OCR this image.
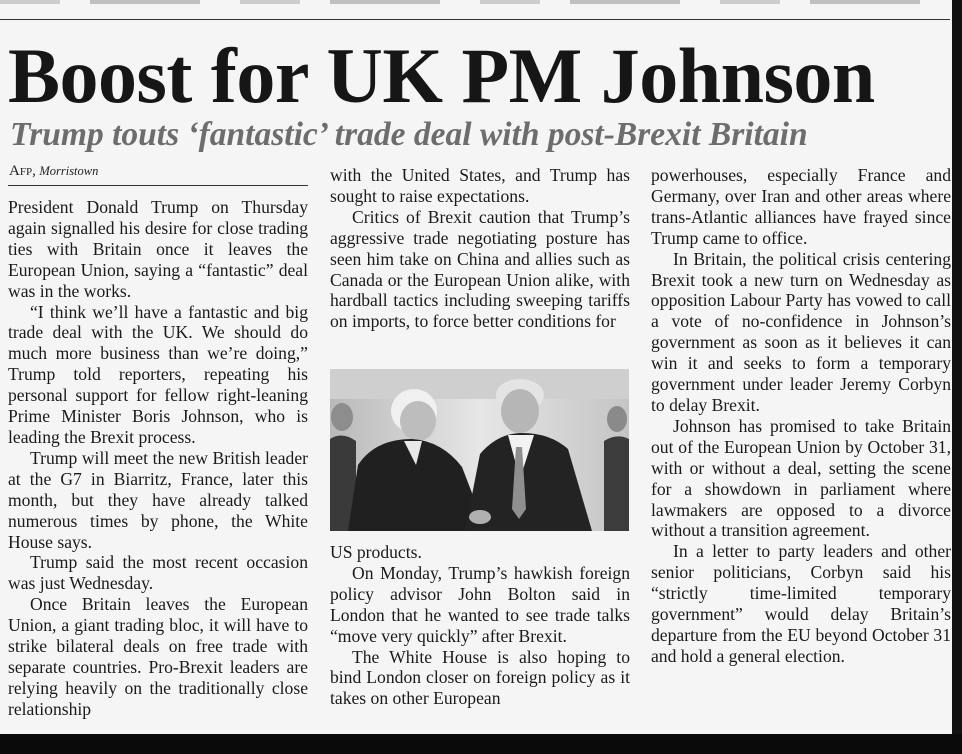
Boost for UK PM Johnson
Trump touts ‘fantastic’ trade deal with post-Brexit Britain
Afp, Morristown

President Donald Trump on Thursday again signalled his desire for close trading ties with Britain once it leaves the European Union, saying a “fantastic” deal was in the works.

“I think we’ll have a fantastic and big trade deal with the UK. We should do much more business than we’re doing,” Trump told reporters, repeating his personal support for fellow right-leaning Prime Minister Boris Johnson, who is leading the Brexit process.

Trump will meet the new British leader at the G7 in Biarritz, France, later this month, but they have already talked numerous times by phone, the White House says.

Trump said the most recent occasion was just Wednesday.

Once Britain leaves the European Union, a giant trading bloc, it will have to strike bilateral deals on free trade with separate countries. Pro-Brexit leaders are relying heavily on the traditionally close relationship

with the United States, and Trump has sought to raise expectations.

Critics of Brexit caution that Trump’s aggressive trade negotiating posture has seen him take on China and allies such as Canada or the European Union alike, with hardball tactics including sweeping tariffs on imports, to force better conditions for

US products.

On Monday, Trump’s hawkish foreign policy advisor John Bolton said in London that he wanted to see trade talks “move very quickly” after Brexit.

The White House is also hoping to bind London closer on foreign policy as it takes on other European

powerhouses, especially France and Germany, over Iran and other areas where trans-Atlantic alliances have frayed since Trump came to office.

In Britain, the political crisis centering Brexit took a new turn on Wednesday as opposition Labour Party has vowed to call a vote of no-confidence in Johnson’s government as soon as it believes it can win it and seeks to form a temporary government under leader Jeremy Corbyn to delay Brexit.

Johnson has promised to take Britain out of the European Union by October 31, with or without a deal, setting the scene for a showdown in parliament where lawmakers are opposed to a divorce without a transition agreement.

In a letter to party leaders and other senior politicians, Corbyn said his “strictly time-limited temporary government” would delay Britain’s departure from the EU beyond October 31 and hold a general election.
